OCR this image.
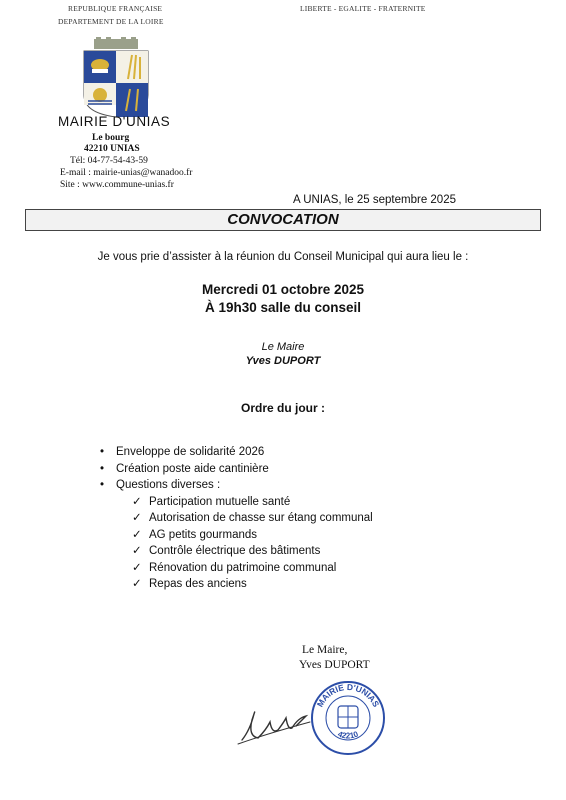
REPUBLIQUE FRANÇAISE
DEPARTEMENT DE LA LOIRE
LIBERTE - EGALITE - FRATERNITE
MAIRIE D'UNIAS
Le bourg
42210 UNIAS
Tél: 04-77-54-43-59
E-mail : mairie-unias@wanadoo.fr
Site : www.commune-unias.fr
A UNIAS, le 25 septembre 2025
CONVOCATION
Je vous prie d’assister à la réunion du Conseil Municipal qui aura lieu le :
Mercredi 01 octobre 2025
À 19h30 salle du conseil
Le Maire
Yves DUPORT
Ordre du jour :
• Enveloppe de solidarité 2026
• Création poste aide cantinière
• Questions diverses :
✓ Participation mutuelle santé
✓ Autorisation de chasse sur étang communal
✓ AG petits gourmands
✓ Contrôle électrique des bâtiments
✓ Rénovation du patrimoine communal
✓ Repas des anciens
Le Maire,
Yves DUPORT
MAIRIE D'UNIAS
42210
